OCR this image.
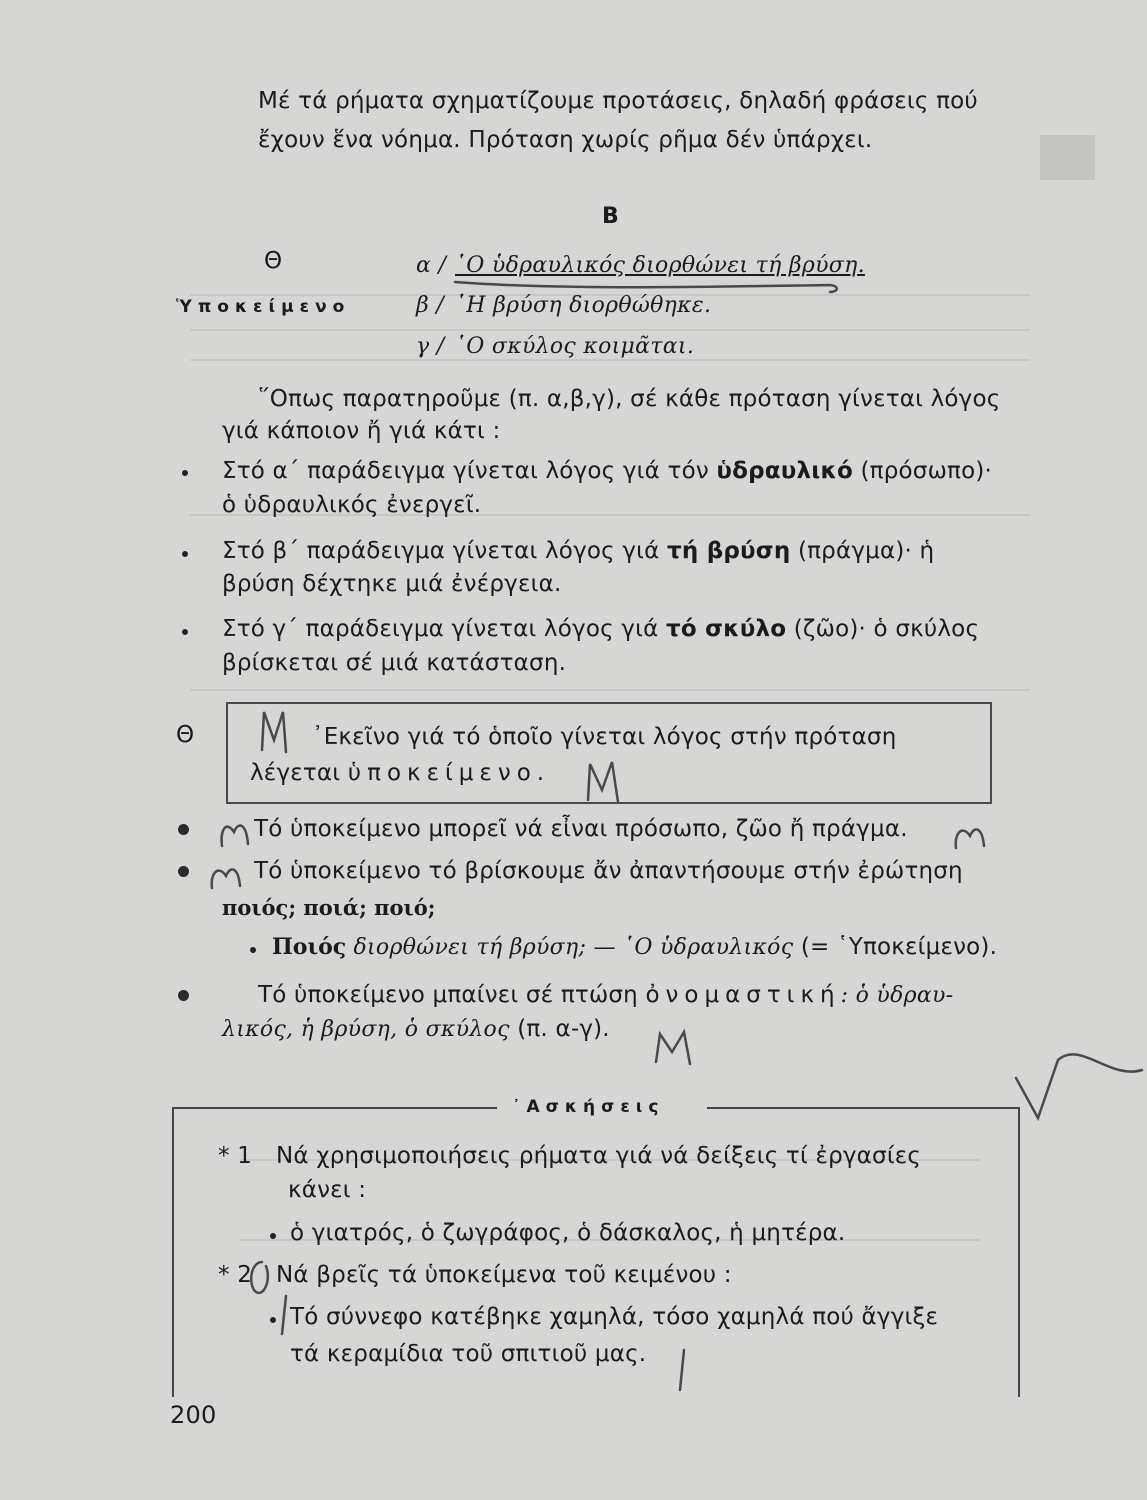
Μέ τά ρήματα σχηματίζουμε προτάσεις, δηλαδή φράσεις πού
ἔχουν ἕνα νόημα. Πρόταση χωρίς ρῆμα δέν ὑπάρχει.
B
Θ
Ὑποκείμενο
α / ῾Ο ὑδραυλικός διορθώνει τή βρύση.
β / ῾Η βρύση διορθώθηκε.
γ / ῾Ο σκύλος κοιμᾶται.
῞Οπως παρατηροῦμε (π. α,β,γ), σέ κάθε πρόταση γίνεται λόγος
γιά κάποιον ἤ γιά κάτι :
Στό α΄ παράδειγμα γίνεται λόγος γιά τόν ὑδραυλικό (πρόσωπο)·
ὁ ὑδραυλικός ἐνεργεῖ.
Στό β΄ παράδειγμα γίνεται λόγος γιά τή βρύση (πράγμα)· ἡ
βρύση δέχτηκε μιά ἐνέργεια.
Στό γ΄ παράδειγμα γίνεται λόγος γιά τό σκύλο (ζῶο)· ὁ σκύλος
βρίσκεται σέ μιά κατάσταση.
Θ	᾿Εκεῖνο γιά τό ὁποῖο γίνεται λόγος στήν πρόταση
λέγεται ὑποκείμενο.
Τό ὑποκείμενο μπορεῖ νά εἶναι πρόσωπο, ζῶο ἤ πράγμα.
Τό ὑποκείμενο τό βρίσκουμε ἄν ἀπαντήσουμε στήν ἐρώτηση
ποιός; ποιά; ποιό;
Ποιός διορθώνει τή βρύση; — ῾Ο ὑδραυλικός (= ῾Υποκείμενο).
Τό ὑποκείμενο μπαίνει σέ πτώση ὀνομαστική: ὁ ὑδραυ-
λικός, ἡ βρύση, ὁ σκύλος (π. α-γ).
᾿Ασκήσεις
* 1 Νά χρησιμοποιήσεις ρήματα γιά νά δείξεις τί ἐργασίες
κάνει :
ὁ γιατρός, ὁ ζωγράφος, ὁ δάσκαλος, ἡ μητέρα.
* 2 Νά βρεῖς τά ὑποκείμενα τοῦ κειμένου :
Τό σύννεφο κατέβηκε χαμηλά, τόσο χαμηλά πού ἄγγιξε
τά κεραμίδια τοῦ σπιτιοῦ μας.
200
